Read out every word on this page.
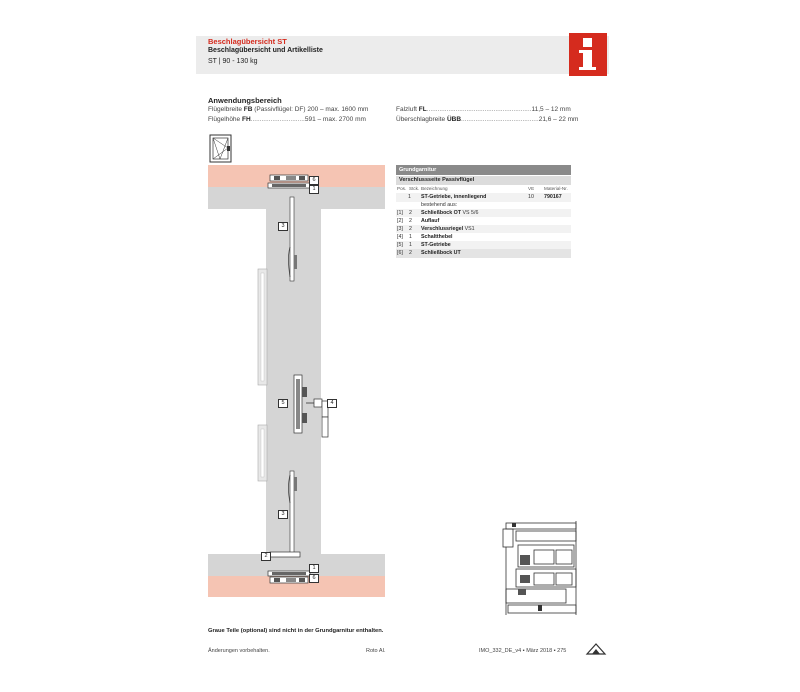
Beschlagübersicht ST
Beschlagübersicht und Artikelliste
ST | 90 - 130 kg
Anwendungsbereich
Flügelbreite FB (Passivflügel: DF) 200 – max. 1600 mm
Flügelhöhe FH..............................591 – max. 2700 mm
Falzluft FL..........................................................11,5 – 12 mm
Überschlagbreite ÜBB...........................................21,6 – 22 mm
6
1
3
5	4
3
2
1
6
Grundgarnitur
Verschlussseite Passivflügel
Pos. Stck. Bezeichnung	VE Material-Nr.
1 ST-Getriebe, innenliegend	10 790167
bestehend aus:
[1] 2 Schließbock OT VS 5/6
[2] 2 Auflauf
[3] 2 Verschlussriegel VS1
[4] 1 Schaltthebel
[5] 1 ST-Getriebe
[6] 2 Schließbock UT
Graue Teile (optional) sind nicht in der Grundgarnitur enthalten.
Änderungen vorbehalten.	Roto AI.	IMO_332_DE_v4 ▪ März 2018 ▪ 275
